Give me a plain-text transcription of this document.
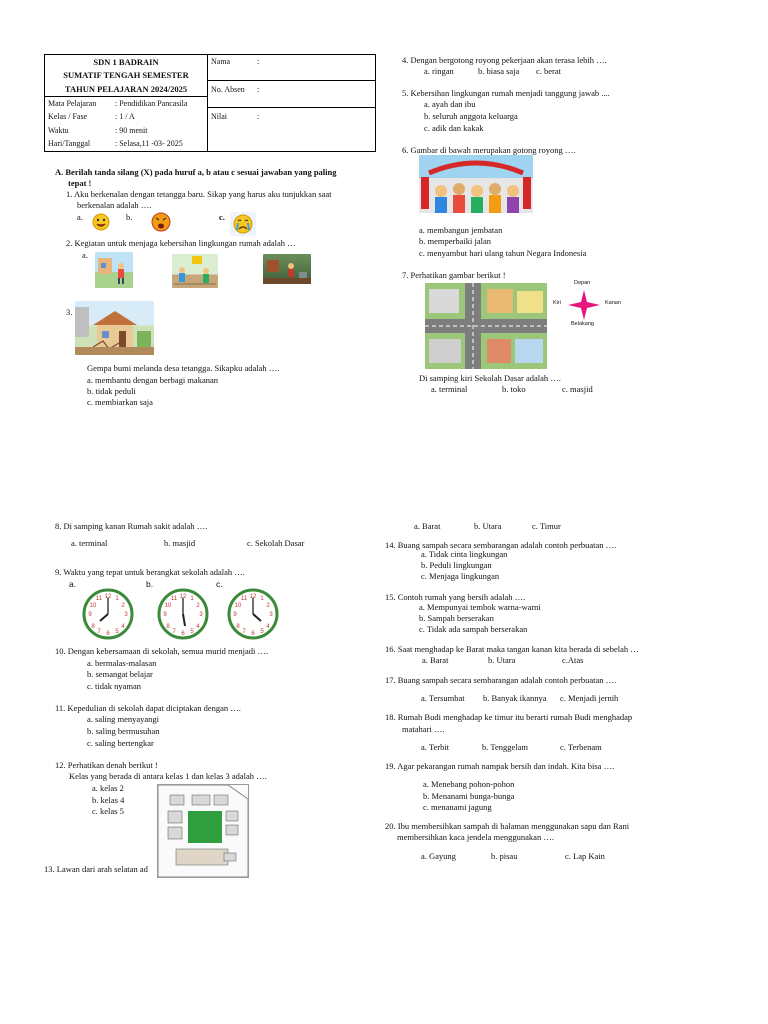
SDN 1 BADRAIN
SUMATIF TENGAH SEMESTER
TAHUN PELAJARAN 2024/2025
Mata Pelajaran : Pendidikan Pancasila
Kelas / Fase	: 1 / A
Waktu	: 90 menit
Hari/Tanggal	: Selasa,11 -03- 2025
Nama	:
No. Absen :
Nilai	:
A. Berilah tanda silang (X) pada huruf a, b atau c sesuai jawaban yang paling
tepat !
1. Aku berkenalan dengan tetangga baru. Sikap yang harus aku tunjukkan saat
berkenalan adalah ….
a.	b.	c.
2. Kegiatan untuk menjaga kebersihan lingkungan rumah adalah …
a.
3.
Gempa bumi melanda desa tetangga. Sikapku adalah ….
a. membantu dengan berbagi makanan
b. tidak peduli
c. membiarkan saja
4. Dengan bergotong royong pekerjaan akan terasa lebih ….
a. ringan	b. biasa saja c. berat
5. Kebersihan lingkungan rumah menjadi tanggung jawab ....
a. ayah dan ibu
b. seluruh anggota keluarga
c. adik dan kakak
6. Gambar di bawah merupakan gotong royong ….
a. membangun jembatan
b. memperbaiki jalan
c. menyambut hari ulang tahun Negara Indonesia
7. Perhatikan gambar berikut !
Depan
Kiri	Kanan
Belakang
Di samping kiri Sekolah Dasar adalah ….
a. terminal	b. toko	c. masjid
8. Di samping kanan Rumah sakit adalah ….
a. terminal	b. masjid	c. Sekolah Dasar
9. Waktu yang tepat untuk berangkat sekolah adalah ….
a.	b.	c.
12
3
6
9
1
11
2
10
4
8
5
7
12
3
6
9
1
11
2
10
4
8
5
7
12
3
6
9
1
11
2
10
4
8
5
7
10. Dengan kebersamaan di sekolah, semua murid menjadi ….
a. bermalas-malasan
b. semangat belajar
c. tidak nyaman
11. Kepedulian di sekolah dapat diciptakan dengan ….
a. saling menyayangi
b. saling bermusuhan
c. saling bertengkar
12. Perhatikan denah berikut !
Kelas yang berada di antara kelas 1 dan kelas 3 adalah ….
a. kelas 2
b. kelas 4
c. kelas 5
13. Lawan dari arah selatan ad
a. Barat	b. Utara	c. Timur
14. Buang sampah secara sembarangan adalah contoh perbuatan ….
a. Tidak cinta lingkungan
b. Peduli lingkungan
c. Menjaga lingkungan
15. Contoh rumah yang bersih adalah ….
a. Mempunyai tembok warna-warni
b. Sampah berserakan
c. Tidak ada sampah berserakan
16. Saat menghadap ke Barat maka tangan kanan kita berada di sebelah …
a. Barat	b. Utara	c.Atas
17. Buang sampah secara sembarangan adalah contoh perbuatan ….
a. Tersumbat b. Banyak ikannya c. Menjadi jernih
18. Rumah Budi menghadap ke timur itu berarti rumah Budi menghadap
matahari ….
a. Terbit	b. Tenggelam	c. Terbenam
19. Agar pekarangan rumah nampak bersih dan indah. Kita bisa ….
a. Menebang pohon-pohon
b. Menanami bunga-bunga
c. menanami jagung
20. Ibu membersihkan sampah di halaman menggunakan sapu dan Rani
membersihkan kaca jendela menggunakan ….
a. Gayung	b. pisau	c. Lap Kain
